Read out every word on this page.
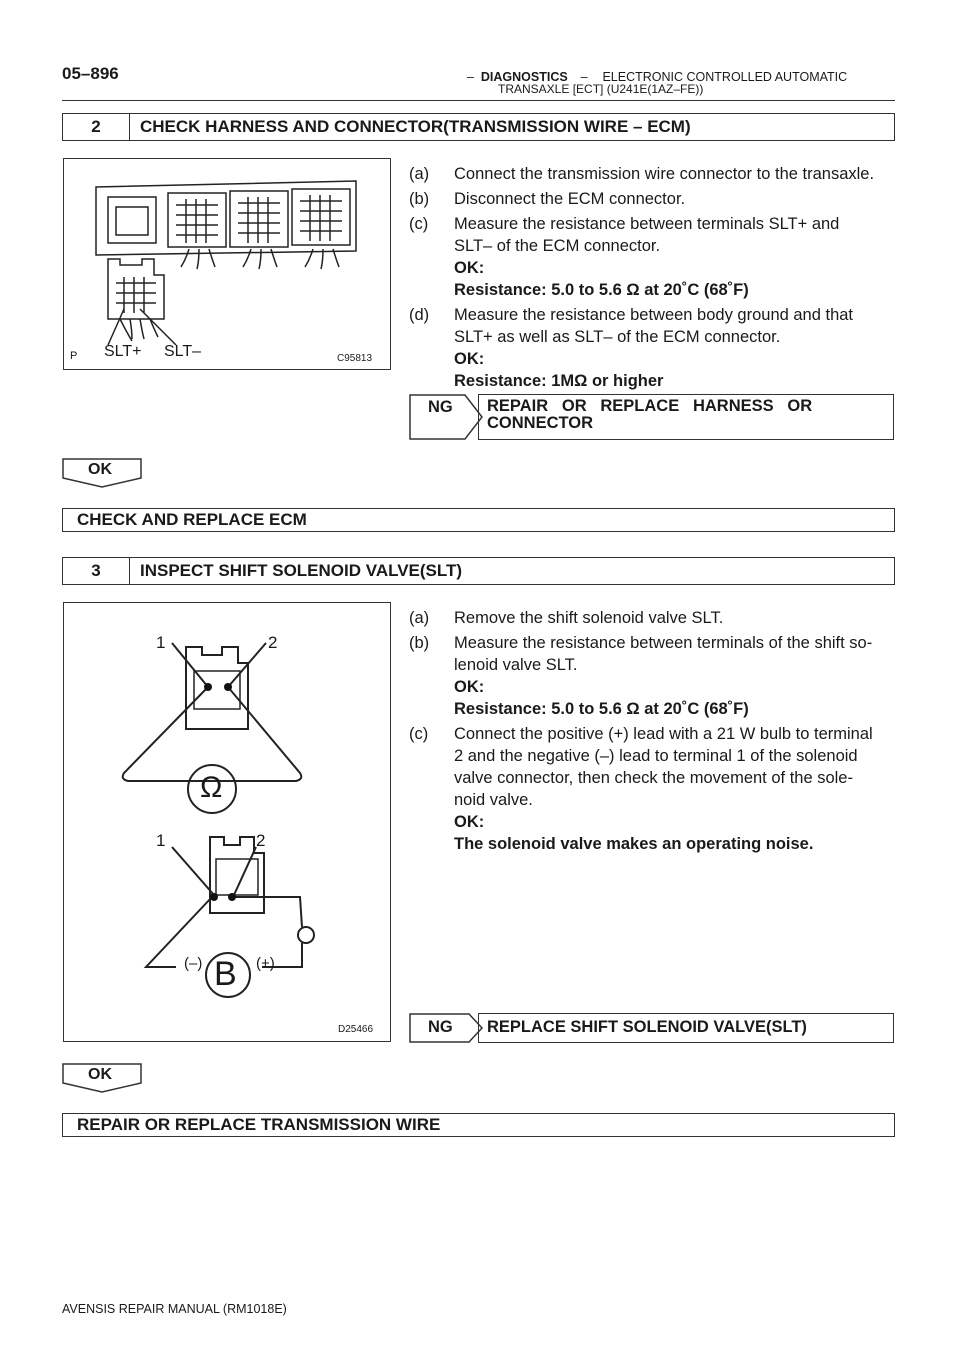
05–896	– DIAGNOSTICS – ELECTRONIC CONTROLLED AUTOMATIC
TRANSAXLE [ECT] (U241E(1AZ–FE))
2	CHECK HARNESS AND CONNECTOR(TRANSMISSION WIRE – ECM)
P SLT+ SLT–	C95813
(a)	Connect the transmission wire connector to the transaxle.
(b)	Disconnect the ECM connector.
(c)	Measure the resistance between terminals SLT+ and
SLT– of the ECM connector.
OK:
Resistance: 5.0 to 5.6 Ω at 20˚C (68˚F)
(d)	Measure the resistance between body ground and that
SLT+ as well as SLT– of the ECM connector.
OK:
Resistance: 1MΩ or higher
NG REPAIR   OR   REPLACE   HARNESS   OR
CONNECTOR
OK
CHECK AND REPLACE ECM
3	INSPECT SHIFT SOLENOID VALVE(SLT)
1	2
Ω
1	2
B
(–)	(+)
D25466
(a)	Remove the shift solenoid valve SLT.
(b)	Measure the resistance between terminals of the shift so-
lenoid valve SLT.
OK:
Resistance: 5.0 to 5.6 Ω at 20˚C (68˚F)
(c)	Connect the positive (+) lead with a 21 W bulb to terminal
2 and the negative (–) lead to terminal 1 of the solenoid
valve connector, then check the movement of the sole-
noid valve.
OK:
The solenoid valve makes an operating noise.
NG REPLACE SHIFT SOLENOID VALVE(SLT)
OK
REPAIR OR REPLACE TRANSMISSION WIRE
AVENSIS REPAIR MANUAL (RM1018E)
